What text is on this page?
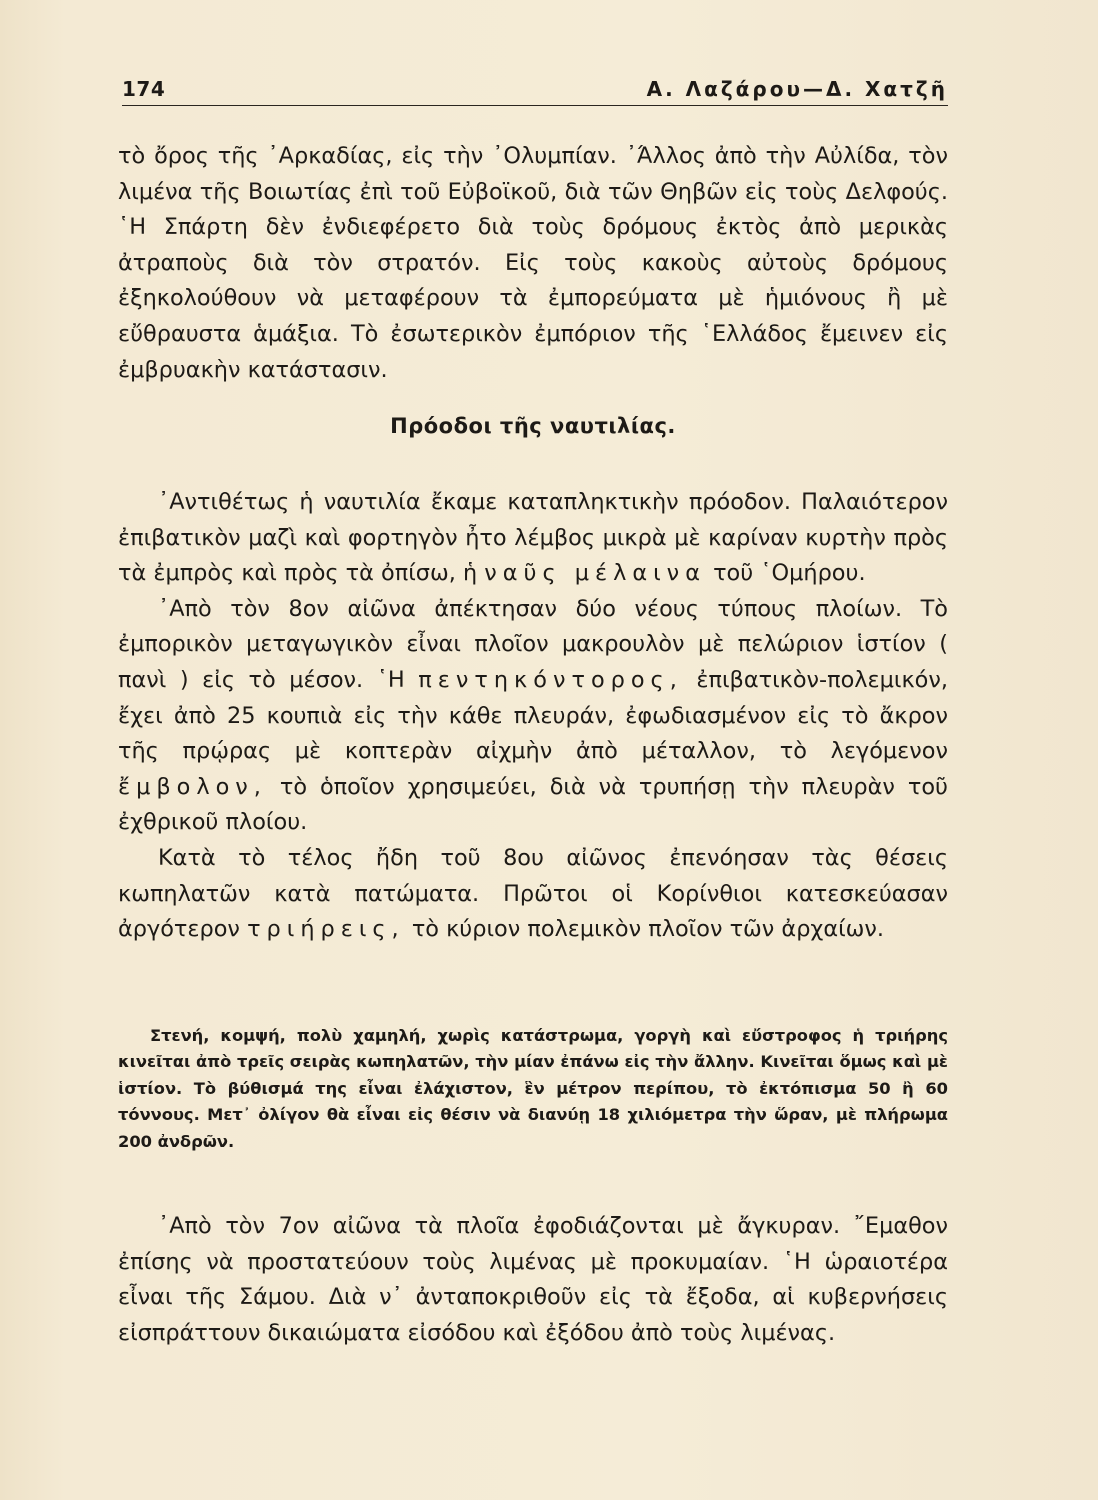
174	Α. Λαζάρου—Δ. Χατζῆ

τὸ ὄρος τῆς ᾿Αρκαδίας, εἰς τὴν ᾿Ολυμπίαν. ᾿Άλλος ἀπὸ τὴν Αὐλίδα, τὸν λιμένα τῆς Βοιωτίας ἐπὶ τοῦ Εὐβοϊκοῦ, διὰ τῶν Θηβῶν εἰς τοὺς Δελφούς. ῾Η Σπάρτη δὲν ἐνδιεφέρετο διὰ τοὺς δρόμους ἐκτὸς ἀπὸ μερικὰς ἀτραποὺς διὰ τὸν στρατόν. Εἰς τοὺς κακοὺς αὐτοὺς δρόμους ἐξηκολούθουν νὰ μεταφέρουν τὰ ἐμπορεύματα μὲ ἡμιόνους ἢ μὲ εὔθραυστα ἁμάξια. Τὸ ἐσωτερικὸν ἐμπόριον τῆς ῾Ελλάδος ἔμεινεν εἰς ἐμβρυακὴν κατάστασιν.

Πρόοδοι τῆς ναυτιλίας.

᾿Αντιθέτως ἡ ναυτιλία ἔκαμε καταπληκτικὴν πρόοδον. Παλαιότερον ἐπιβατικὸν μαζὶ καὶ φορτηγὸν ἦτο λέμβος μικρὰ μὲ καρίναν κυρτὴν πρὸς τὰ ἐμπρὸς καὶ πρὸς τὰ ὀπίσω, ἡ ναῦς μέλαινα τοῦ ῾Ομήρου.

᾿Απὸ τὸν 8ον αἰῶνα ἀπέκτησαν δύο νέους τύπους πλοίων. Τὸ ἐμπορικὸν μεταγωγικὸν εἶναι πλοῖον μακρουλὸν μὲ πελώριον ἱστίον ( πανὶ ) εἰς τὸ μέσον. ῾Η πεντηκόντορος, ἐπιβατικὸν-πολεμικόν, ἔχει ἀπὸ 25 κουπιὰ εἰς τὴν κάθε πλευράν, ἐφωδιασμένον εἰς τὸ ἄκρον τῆς πρῴρας μὲ κοπτερὰν αἰχμὴν ἀπὸ μέταλλον, τὸ λεγόμενον ἔμβολον, τὸ ὁποῖον χρησιμεύει, διὰ νὰ τρυπήσῃ τὴν πλευρὰν τοῦ ἐχθρικοῦ πλοίου.

Κατὰ τὸ τέλος ἤδη τοῦ 8ου αἰῶνος ἐπενόησαν τὰς θέσεις κωπηλατῶν κατὰ πατώματα. Πρῶτοι οἱ Κορίνθιοι κατεσκεύασαν ἀργότερον τριήρεις, τὸ κύριον πολεμικὸν πλοῖον τῶν ἀρχαίων.

Στενή, κομψή, πολὺ χαμηλή, χωρὶς κατάστρωμα, γοργὴ καὶ εὔστροφος ἡ τριήρης κινεῖται ἀπὸ τρεῖς σειρὰς κωπηλατῶν, τὴν μίαν ἐπάνω εἰς τὴν ἄλλην. Κινεῖται ὅμως καὶ μὲ ἱστίον. Τὸ βύθισμά της εἶναι ἐλάχιστον, ἓν μέτρον περίπου, τὸ ἐκτόπισμα 50 ἢ 60 τόννους. Μετ᾿ ὀλίγον θὰ εἶναι εἰς θέσιν νὰ διανύῃ 18 χιλιόμετρα τὴν ὥραν, μὲ πλήρωμα 200 ἀνδρῶν.

᾿Απὸ τὸν 7ον αἰῶνα τὰ πλοῖα ἐφοδιάζονται μὲ ἄγκυραν. ῎Εμαθον ἐπίσης νὰ προστατεύουν τοὺς λιμένας μὲ προκυμαίαν. ῾Η ὡραιοτέρα εἶναι τῆς Σάμου. Διὰ ν᾿ ἀνταποκριθοῦν εἰς τὰ ἔξοδα, αἱ κυβερνήσεις εἰσπράττουν δικαιώματα εἰσόδου καὶ ἐξόδου ἀπὸ τοὺς λιμένας.
